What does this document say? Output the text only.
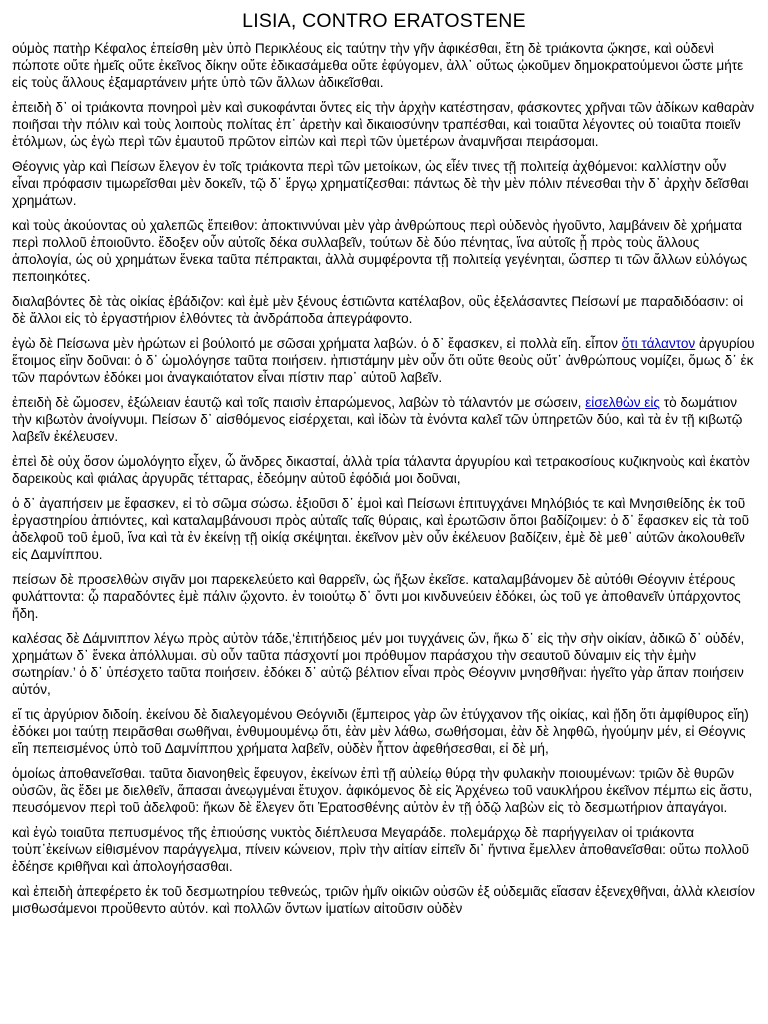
LISIA, CONTRO ERATOSTENE

ούμὸς πατὴρ Κέφαλος ἐπείσθη μὲν ὑπὸ Περικλέους εἰς ταύτην τὴν γῆν ἀφικέσθαι, ἔτη δὲ τριάκοντα ᾤκησε, καὶ οὐδενὶ πώποτε οὔτε ἡμεῖς οὔτε ἐκεῖνος δίκην οὔτε ἐδικασάμεθα οὔτε ἐφύγομεν, ἀλλ᾽ οὕτως ᾠκοῦμεν δημοκρατούμενοι ὥστε μήτε εἰς τοὺς ἄλλους ἐξαμαρτάνειν μήτε ὑπὸ τῶν ἄλλων ἀδικεῖσθαι.

ἐπειδὴ δ᾽ οἱ τριάκοντα πονηροὶ μὲν καὶ συκοφάνται ὄντες εἰς τὴν ἀρχὴν κατέστησαν, φάσκοντες χρῆναι τῶν ἀδίκων καθαρὰν ποιῆσαι τὴν πόλιν καὶ τοὺς λοιποὺς πολίτας ἐπ᾽ ἀρετὴν καὶ δικαιοσύνην τραπέσθαι, καὶ τοιαῦτα λέγοντες οὐ τοιαῦτα ποιεῖν ἐτόλμων, ὡς ἐγὼ περὶ τῶν ἐμαυτοῦ πρῶτον εἰπὼν καὶ περὶ τῶν ὑμετέρων ἀναμνῆσαι πειράσομαι.

Θέογνις γὰρ καὶ Πείσων ἔλεγον ἐν τοῖς τριάκοντα περὶ τῶν μετοίκων, ὡς εἶέν τινες τῇ πολιτείᾳ ἀχθόμενοι: καλλίστην οὖν εἶναι πρόφασιν τιμωρεῖσθαι μὲν δοκεῖν, τῷ δ᾽ ἔργῳ χρηματίζεσθαι: πάντως δὲ τὴν μὲν πόλιν πένεσθαι τὴν δ᾽ ἀρχὴν δεῖσθαι χρημάτων.

καὶ τοὺς ἀκούοντας οὐ χαλεπῶς ἔπειθον: ἀποκτιννύναι μὲν γὰρ ἀνθρώπους περὶ οὐδενὸς ἡγοῦντο, λαμβάνειν δὲ χρήματα περὶ πολλοῦ ἐποιοῦντο. ἔδοξεν οὖν αὐτοῖς δέκα συλλαβεῖν, τούτων δὲ δύο πένητας, ἵνα αὐτοῖς ᾖ πρὸς τοὺς ἄλλους ἀπολογία, ὡς οὐ χρημάτων ἕνεκα ταῦτα πέπρακται, ἀλλὰ συμφέροντα τῇ πολιτείᾳ γεγένηται, ὥσπερ τι τῶν ἄλλων εὐλόγως πεποιηκότες.

διαλαβόντες δὲ τὰς οἰκίας ἐβάδιζον: καὶ ἐμὲ μὲν ξένους ἑστιῶντα κατέλαβον, οὓς ἐξελάσαντες Πείσωνί με παραδιδόασιν: οἱ δὲ ἄλλοι εἰς τὸ ἐργαστήριον ἐλθόντες τὰ ἀνδράποδα ἀπεγράφοντο.

ἐγὼ δὲ Πείσωνα μὲν ἠρώτων εἰ βούλοιτό με σῶσαι χρήματα λαβών. ὁ δ᾽ ἔφασκεν, εἰ πολλὰ εἴη. εἶπον ὅτι τάλαντον ἀργυρίου ἕτοιμος εἴην δοῦναι: ὁ δ᾽ ὡμολόγησε ταῦτα ποιήσειν. ἠπιστάμην μὲν οὖν ὅτι οὔτε θεοὺς οὔτ᾽ ἀνθρώπους νομίζει, ὅμως δ᾽ ἐκ τῶν παρόντων ἐδόκει μοι ἀναγκαιότατον εἶναι πίστιν παρ᾽ αὐτοῦ λαβεῖν.

ἐπειδὴ δὲ ὤμοσεν, ἐξώλειαν ἑαυτῷ καὶ τοῖς παισὶν ἐπαρώμενος, λαβὼν τὸ τάλαντόν με σώσειν, εἰσελθὼν εἰς τὸ δωμάτιον τὴν κιβωτὸν ἀνοίγνυμι. Πείσων δ᾽ αἰσθόμενος εἰσέρχεται, καὶ ἰδὼν τὰ ἐνόντα καλεῖ τῶν ὑπηρετῶν δύο, καὶ τὰ ἐν τῇ κιβωτῷ λαβεῖν ἐκέλευσεν.

ἐπεὶ δὲ οὐχ ὅσον ὡμολόγητο εἶχεν, ὦ ἄνδρες δικασταί, ἀλλὰ τρία τάλαντα ἀργυρίου καὶ τετρακοσίους κυζικηνοὺς καὶ ἑκατὸν δαρεικοὺς καὶ φιάλας ἀργυρᾶς τέτταρας, ἐδεόμην αὐτοῦ ἐφόδιά μοι δοῦναι,

ὁ δ᾽ ἀγαπήσειν με ἔφασκεν, εἰ τὸ σῶμα σώσω. ἐξιοῦσι δ᾽ ἐμοὶ καὶ Πείσωνι ἐπιτυγχάνει Μηλόβιός τε καὶ Μνησιθείδης ἐκ τοῦ ἐργαστηρίου ἀπιόντες, καὶ καταλαμβάνουσι πρὸς αὐταῖς ταῖς θύραις, καὶ ἐρωτῶσιν ὅποι βαδίζοιμεν: ὁ δ᾽ ἔφασκεν εἰς τὰ τοῦ ἀδελφοῦ τοῦ ἐμοῦ, ἵνα καὶ τὰ ἐν ἐκείνῃ τῇ οἰκίᾳ σκέψηται. ἐκεῖνον μὲν οὖν ἐκέλευον βαδίζειν, ἐμὲ δὲ μεθ᾽ αὑτῶν ἀκολουθεῖν εἰς Δαμνίππου.

πείσων δὲ προσελθὼν σιγᾶν μοι παρεκελεύετο καὶ θαρρεῖν, ὡς ἥξων ἐκεῖσε. καταλαμβάνομεν δὲ αὐτόθι Θέογνιν ἑτέρους φυλάττοντα: ᾧ παραδόντες ἐμὲ πάλιν ᾤχοντο. ἐν τοιούτῳ δ᾽ ὄντι μοι κινδυνεύειν ἐδόκει, ὡς τοῦ γε ἀποθανεῖν ὑπάρχοντος ἤδη.

καλέσας δὲ Δάμνιππον λέγω πρὸς αὐτὸν τάδε,‘ἐπιτήδειος μέν μοι τυγχάνεις ὤν, ἥκω δ᾽ εἰς τὴν σὴν οἰκίαν, ἀδικῶ δ᾽ οὐδέν, χρημάτων δ᾽ ἕνεκα ἀπόλλυμαι. σὺ οὖν ταῦτα πάσχοντί μοι πρόθυμον παράσχου τὴν σεαυτοῦ δύναμιν εἰς τὴν ἐμὴν σωτηρίαν.’ ὁ δ᾽ ὑπέσχετο ταῦτα ποιήσειν. ἐδόκει δ᾽ αὐτῷ βέλτιον εἶναι πρὸς Θέογνιν μνησθῆναι: ἡγεῖτο γὰρ ἅπαν ποιήσειν αὐτόν,

εἴ τις ἀργύριον διδοίη. ἐκείνου δὲ διαλεγομένου Θεόγνιδι (ἔμπειρος γὰρ ὢν ἐτύγχανον τῆς οἰκίας, καὶ ᾔδη ὅτι ἀμφίθυρος εἴη) ἐδόκει μοι ταύτῃ πειρᾶσθαι σωθῆναι, ἐνθυμουμένῳ ὅτι, ἐὰν μὲν λάθω, σωθήσομαι, ἐὰν δὲ ληφθῶ, ἡγούμην μέν, εἰ Θέογνις εἴη πεπεισμένος ὑπὸ τοῦ Δαμνίππου χρήματα λαβεῖν, οὐδὲν ἧττον ἀφεθήσεσθαι, εἰ δὲ μή,

ὁμοίως ἀποθανεῖσθαι. ταῦτα διανοηθεὶς ἔφευγον, ἐκείνων ἐπὶ τῇ αὐλείῳ θύρᾳ τὴν φυλακὴν ποιουμένων: τριῶν δὲ θυρῶν οὐσῶν, ἃς ἔδει με διελθεῖν, ἅπασαι ἀνεῳγμέναι ἔτυχον. ἀφικόμενος δὲ εἰς Ἀρχένεω τοῦ ναυκλήρου ἐκεῖνον πέμπω εἰς ἄστυ, πευσόμενον περὶ τοῦ ἀδελφοῦ: ἥκων δὲ ἔλεγεν ὅτι Ἐρατοσθένης αὐτὸν ἐν τῇ ὁδῷ λαβὼν εἰς τὸ δεσμωτήριον ἀπαγάγοι.

καὶ ἐγὼ τοιαῦτα πεπυσμένος τῆς ἐπιούσης νυκτὸς διέπλευσα Μεγαράδε. πολεμάρχῳ δὲ παρήγγειλαν οἱ τριάκοντα τοὐπ᾽ἐκείνων εἰθισμένον παράγγελμα, πίνειν κώνειον, πρὶν τὴν αἰτίαν εἰπεῖν δι᾽ ἥντινα ἔμελλεν ἀποθανεῖσθαι: οὕτω πολλοῦ ἐδέησε κριθῆναι καὶ ἀπολογήσασθαι.

καὶ ἐπειδὴ ἀπεφέρετο ἐκ τοῦ δεσμωτηρίου τεθνεώς, τριῶν ἡμῖν οἰκιῶν οὐσῶν ἐξ οὐδεμιᾶς εἴασαν ἐξενεχθῆναι, ἀλλὰ κλεισίον μισθωσάμενοι προὔθεντο αὐτόν. καὶ πολλῶν ὄντων ἱματίων αἰτοῦσιν οὐδὲν
